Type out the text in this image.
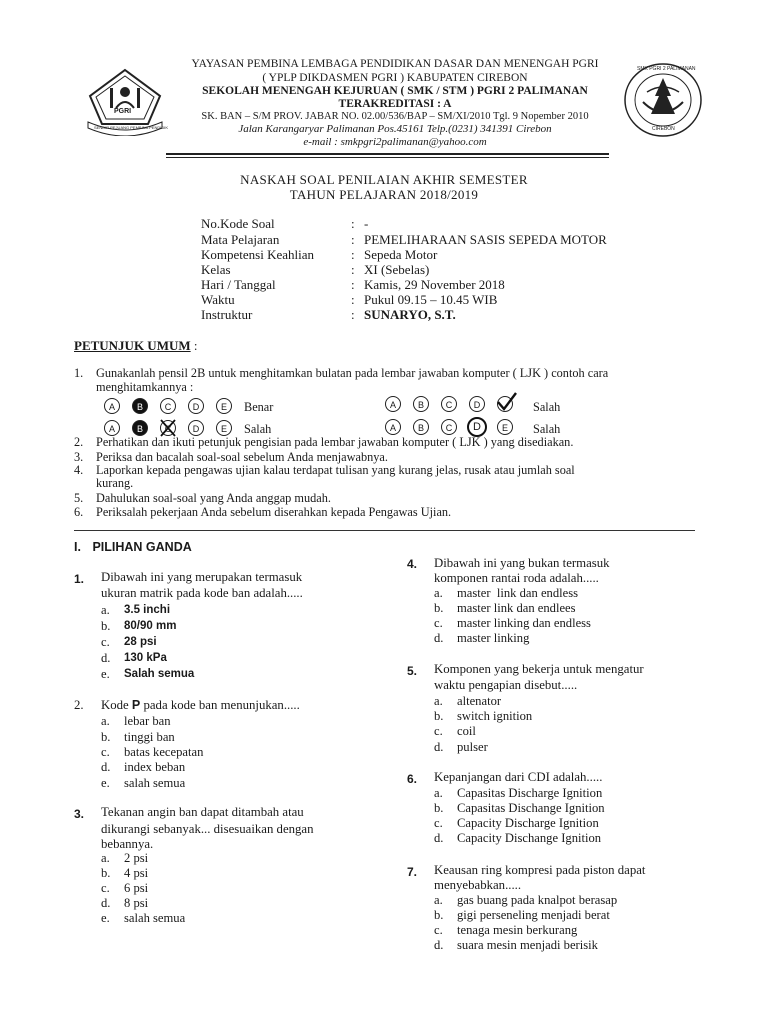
PGRI
SENDIR PEJUANG PEMBINA PENDIDIK
YAYASAN PEMBINA LEMBAGA PENDIDIKAN DASAR DAN MENENGAH PGRI
( YPLP DIKDASMEN PGRI ) KABUPATEN CIREBON
SEKOLAH MENENGAH KEJURUAN ( SMK / STM ) PGRI 2 PALIMANAN
TERAKREDITASI : A
SK. BAN – S/M PROV. JABAR NO. 02.00/536/BAP – SM/XI/2010 Tgl. 9 Nopember 2010
Jalan Karangaryar Palimanan Pos.45161 Telp.(0231) 341391 Cirebon
e-mail : smkpgri2palimanan@yahoo.com
SMK PGRI 2 PALIMANAN
CIREBON
NASKAH SOAL PENILAIAN AKHIR SEMESTER
TAHUN PELAJARAN 2018/2019
No.Kode Soal	: -
Mata Pelajaran	: PEMELIHARAAN SASIS SEPEDA MOTOR
Kompetensi Keahlian	: Sepeda Motor
Kelas	: XI (Sebelas)
Hari / Tanggal	: Kamis, 29 November 2018
Waktu	: Pukul 09.15 – 10.45 WIB
Instruktur	: SUNARYO, S.T.
PETUNJUK UMUM :
1. Gunakanlah pensil 2B untuk menghitamkan bulatan pada lembar jawaban komputer ( LJK ) contoh cara
menghitamkannya :
A	B	C	D	E	Benar	A	B	C	D	Salah
A	B	C	D	E	Salah	A	B	C	D	E	Salah
2. Perhatikan dan ikuti petunjuk pengisian pada lembar jawaban komputer ( LJK ) yang disediakan.
3. Periksa dan bacalah soal-soal sebelum Anda menjawabnya.
4. Laporkan kepada pengawas ujian kalau terdapat tulisan yang kurang jelas, rusak atau jumlah soal
kurang.
5. Dahulukan soal-soal yang Anda anggap mudah.
6. Periksalah pekerjaan Anda sebelum diserahkan kepada Pengawas Ujian.
I. PILIHAN GANDA
1. Dibawah ini yang merupakan termasuk
ukuran matrik pada kode ban adalah.....
a. 3.5 inchi
b. 80/90 mm
c. 28 psi
d. 130 kPa
e. Salah semua
2. Kode P pada kode ban menunjukan.....
a. lebar ban
b. tinggi ban
c. batas kecepatan
d. index beban
e. salah semua
3. Tekanan angin ban dapat ditambah atau
dikurangi sebanyak... disesuaikan dengan
bebannya.
a. 2 psi
b. 4 psi
c. 6 psi
d. 8 psi
e. salah semua
4. Dibawah ini yang bukan termasuk
komponen rantai roda adalah.....
a. master  link dan endless
b. master link dan endlees
c. master linking dan endless
d. master linking
5. Komponen yang bekerja untuk mengatur
waktu pengapian disebut.....
a. altenator
b. switch ignition
c. coil
d. pulser
6. Kepanjangan dari CDI adalah.....
a. Capasitas Discharge Ignition
b. Capasitas Dischange Ignition
c. Capacity Discharge Ignition
d. Capacity Dischange Ignition
7. Keausan ring kompresi pada piston dapat
menyebabkan.....
a. gas buang pada knalpot berasap
b. gigi perseneling menjadi berat
c. tenaga mesin berkurang
d. suara mesin menjadi berisik
